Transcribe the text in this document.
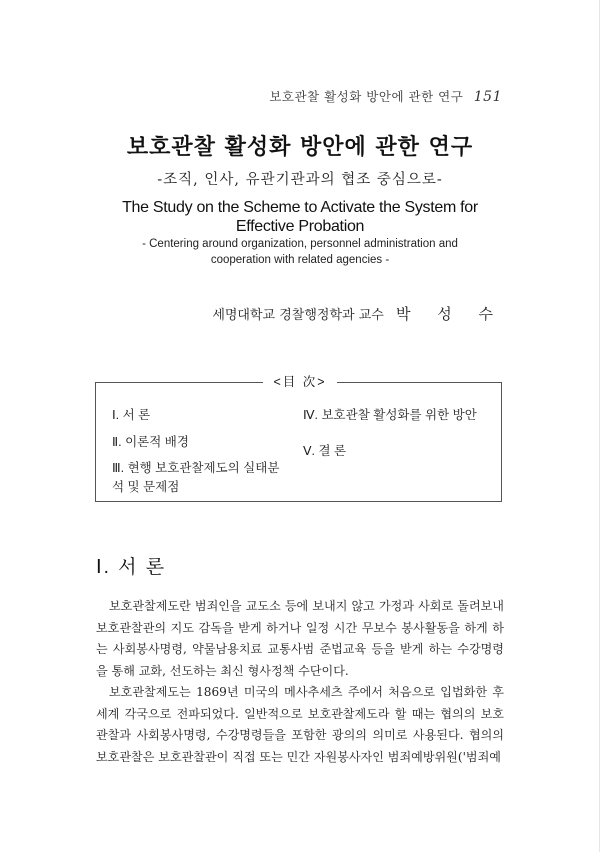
보호관찰 활성화 방안에 관한 연구 151
보호관찰 활성화 방안에 관한 연구
-조직, 인사, 유관기관과의 협조 중심으로-
The Study on the Scheme to Activate the System for Effective Probation
- Centering around organization, personnel administration and cooperation with related agencies -
세명대학교 경찰행정학과 교수 박 성 수
<目 次>
Ⅰ. 서 론
Ⅱ. 이론적 배경
Ⅲ. 현행 보호관찰제도의 실태분
석 및 문제점
Ⅳ. 보호관찰 활성화를 위한 방안
Ⅴ. 결 론
Ⅰ. 서 론

보호관찰제도란 범죄인을 교도소 등에 보내지 않고 가정과 사회로 돌려보내 보호관찰관의 지도 감독을 받게 하거나 일정 시간 무보수 봉사활동을 하게 하는 사회봉사명령, 약물남용치료 교통사범 준법교육 등을 받게 하는 수강명령을 통해 교화, 선도하는 최신 형사정책 수단이다.

보호관찰제도는 1869년 미국의 메사추세츠 주에서 처음으로 입법화한 후 세계 각국으로 전파되었다. 일반적으로 보호관찰제도라 할 때는 협의의 보호관찰과 사회봉사명령, 수강명령들을 포함한 광의의 의미로 사용된다. 협의의 보호관찰은 보호관찰관이 직접 또는 민간 자원봉사자인 범죄예방위원('범죄예
